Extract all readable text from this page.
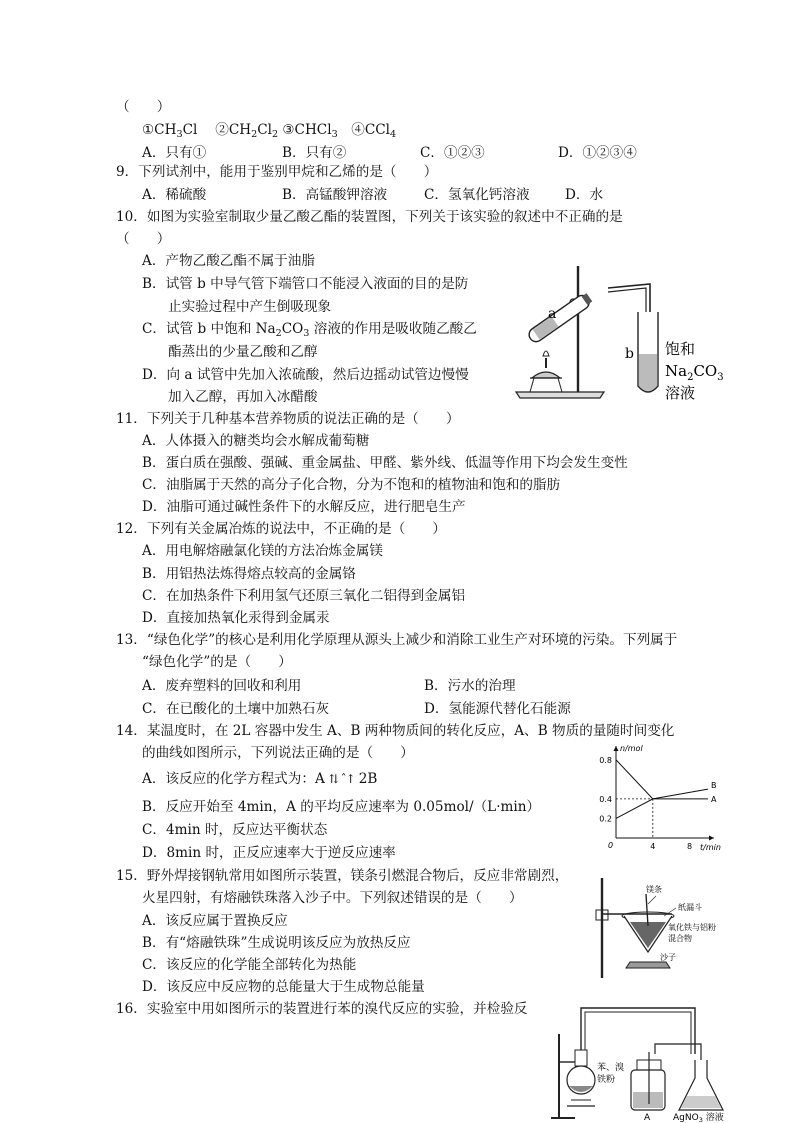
（　　）
$①CH_3Cl$　 $②CH_2Cl_2$ ③CHCl$_3$　④CCl$_4$
A．只有①	B．只有②	C．①②③	D．①②③④
9．下列试剂中，能用于鉴别甲烷和乙烯的是（　　）
A．稀硫酸	B．高锰酸钾溶液	C．氢氧化钙溶液	D．水
10．如图为实验室制取少量乙酸乙酯的装置图，下列关于该实验的叙述中不正确的是
（　　）
A．产物乙酸乙酯不属于油脂
B．试管 b 中导气管下端管口不能浸入液面的目的是防
止实验过程中产生倒吸现象
C．试管 b 中饱和 $Na_2CO_3$ 溶液的作用是吸收随乙酸乙
酯蒸出的少量乙酸和乙醇
D．向 a 试管中先加入浓硫酸，然后边摇动试管边慢慢
加入乙醇，再加入冰醋酸
a
b 饱和
$Na_2CO_3$
溶液
11．下列关于几种基本营养物质的说法正确的是（　　）
A．人体摄入的糖类均会水解成葡萄糖
B．蛋白质在强酸、强碱、重金属盐、甲醛、紫外线、低温等作用下均会发生变性
C．油脂属于天然的高分子化合物，分为不饱和的植物油和饱和的脂肪
D．油脂可通过碱性条件下的水解反应，进行肥皂生产
12．下列有关金属冶炼的说法中，不正确的是（　　）
A．用电解熔融氯化镁的方法冶炼金属镁
B．用铝热法炼得熔点较高的金属铬
C．在加热条件下利用氢气还原三氧化二铝得到金属铝
D．直接加热氧化汞得到金属汞
13．“绿色化学”的核心是利用化学原理从源头上减少和消除工业生产对环境的污染。下列属于
“绿色化学”的是（　　）
A．废弃塑料的回收和利用	B．污水的治理
C．在已酸化的土壤中加熟石灰	D．氢能源代替化石能源
14．某温度时，在 2L 容器中发生 A、B 两种物质间的转化反应，A、B 物质的量随时间变化
的曲线如图所示，下列说法正确的是（　　）
A．该反应的化学方程式为：A ⇅ ˆ↑ 2B
B．反应开始至 4min，A 的平均反应速率为 0.05mol/（L·min）
C．4min 时，反应达平衡状态
D．8min 时，正反应速率大于逆反应速率
n/mol
t/min
0
0.2
0.4
0.8
4	8
A
B
15．野外焊接钢轨常用如图所示装置，镁条引燃混合物后，反应非常剧烈，
火星四射，有熔融铁珠落入沙子中。下列叙述错误的是（　　）
A．该反应属于置换反应
B．有“熔融铁珠”生成说明该反应为放热反应
C．该反应的化学能全部转化为热能
D．该反应中反应物的总能量大于生成物总能量
镁条
纸漏斗
氧化铁与铝粉
混合物
沙子
16．实验室中用如图所示的装置进行苯的溴代反应的实验，并检验反
苯、溴
铁粉
A	AgNO$_3$ 溶液
